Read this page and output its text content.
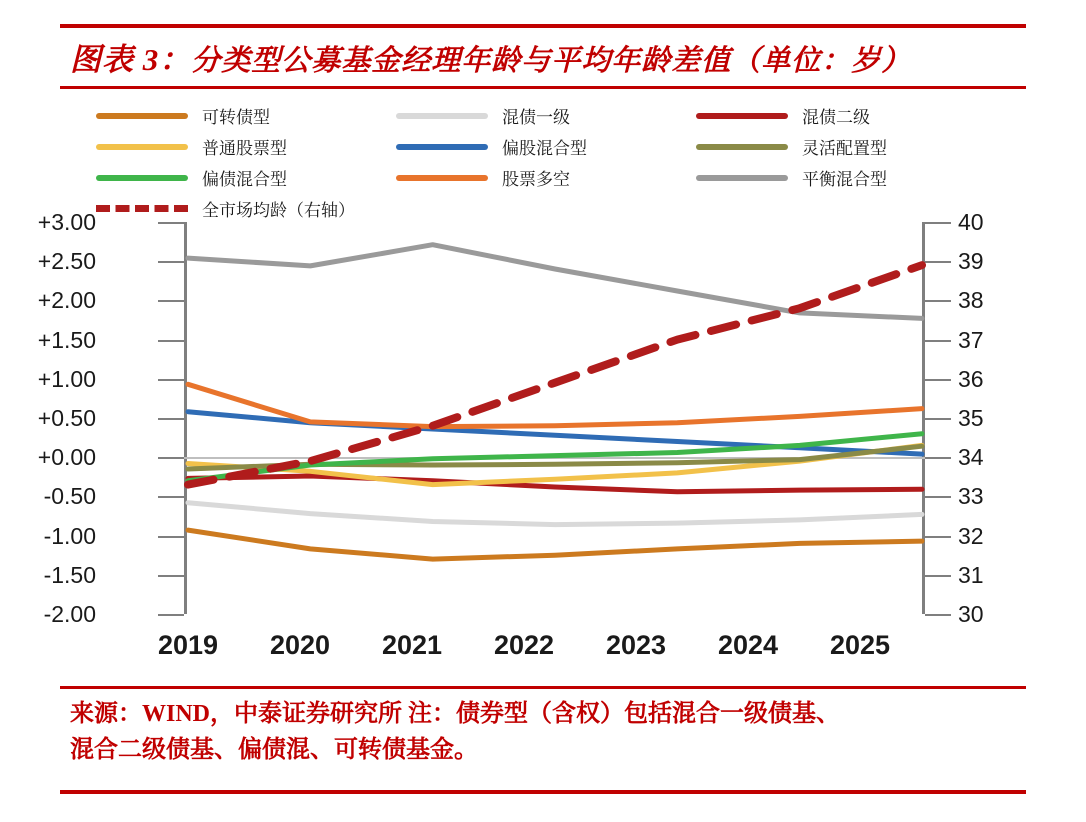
图表 3：分类型公募基金经理年龄与平均年龄差值（单位：岁）
可转债型	混债一级	混债二级
普通股票型	偏股混合型	灵活配置型
偏债混合型	股票多空	平衡混合型
全市场均龄（右轴）
+3.00
+2.50
+2.00
+1.50
+1.00
+0.50
+0.00
-0.50
-1.00
-1.50
-2.00
40
39
38
37
36
35
34
33
32
31
30
2019	2020	2021	2022	2023	2024	2025
来源：WIND，中泰证券研究所 注：债券型（含权）包括混合一级债基、
混合二级债基、偏债混、可转债基金。
